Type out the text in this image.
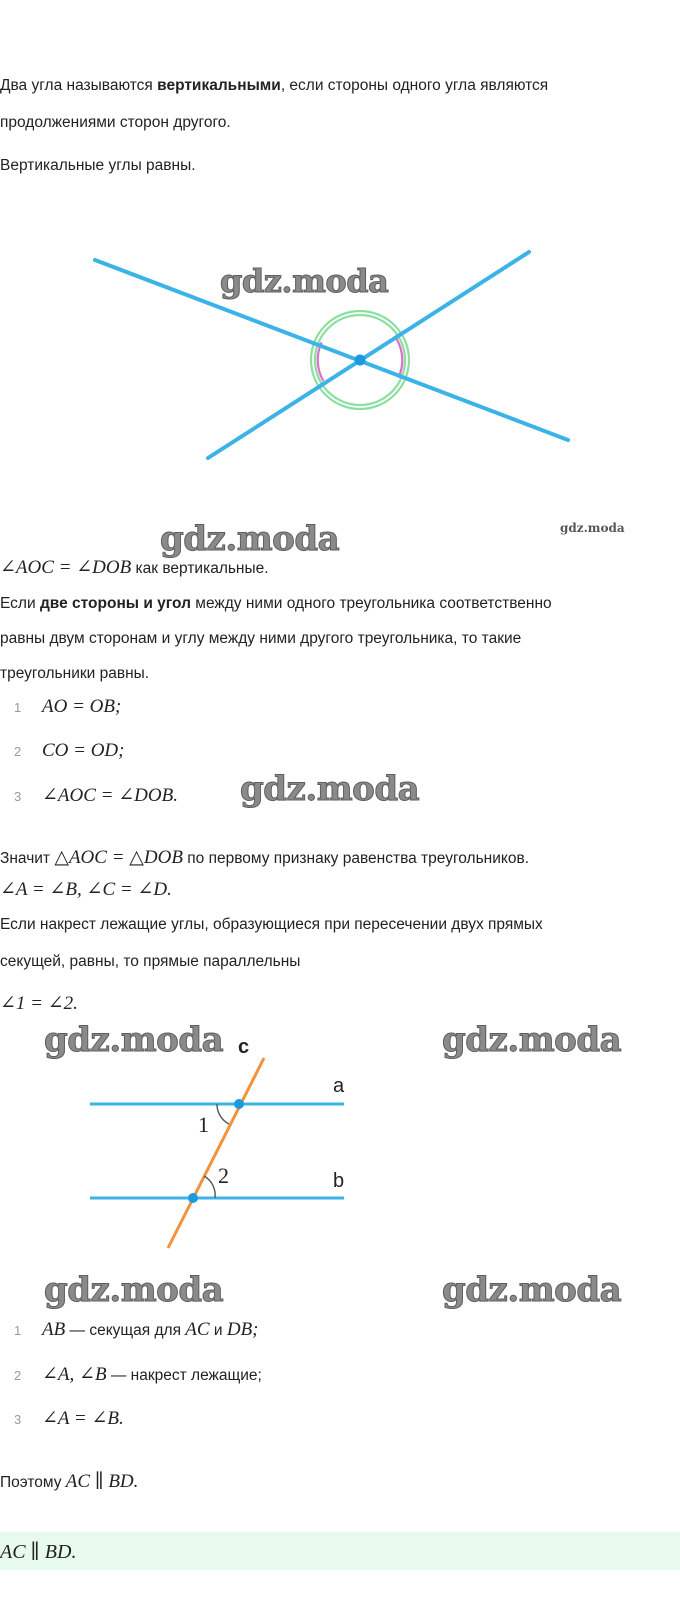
Два угла называются вертикальными, если стороны одного угла являются
продолжениями сторон другого.
Вертикальные углы равны.
gdz.moda
gdz.moda	gdz.moda
∠AOC = ∠DOB как вертикальные.
Если две стороны и угол между ними одного треугольника соответственно
равны двум сторонам и углу между ними другого треугольника, то такие
треугольники равны.
1 AO = OB;
2 CO = OD;
3 ∠AOC = ∠DOB. gdz.moda
Значит △AOC = △DOB по первому признаку равенства треугольников.
∠A = ∠B, ∠C = ∠D.
Если накрест лежащие углы, образующиеся при пересечении двух прямых
секущей, равны, то прямые параллельны
∠1 = ∠2.
gdz.moda	gdz.moda
c
a
b
1
2
gdz.moda	gdz.moda
1 AB — секущая для AC и DB;
2 ∠A, ∠B — накрест лежащие;
3 ∠A = ∠B.
Поэтому AC ∥ BD.
AC ∥ BD.
